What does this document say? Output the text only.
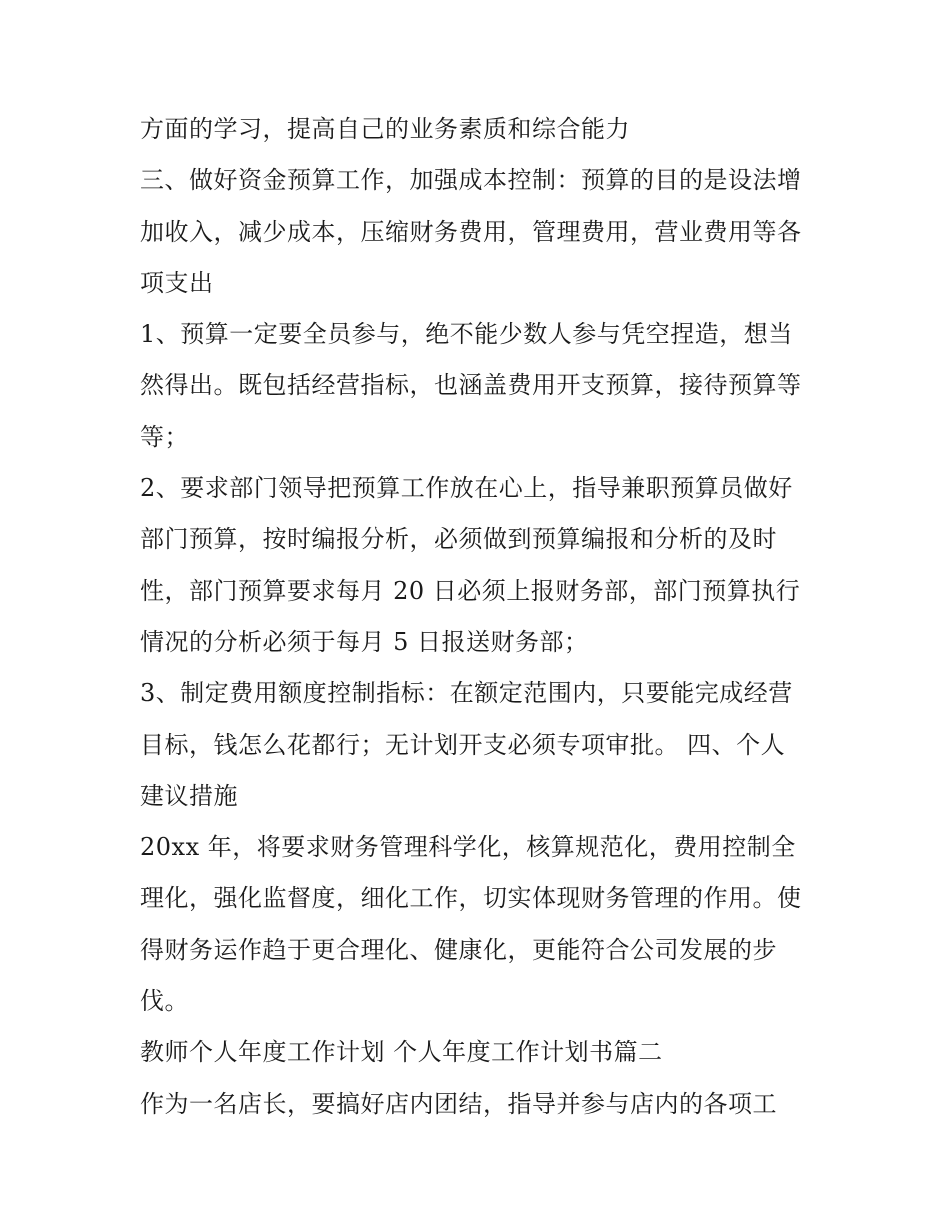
方面的学习，提高自己的业务素质和综合能力
三、做好资金预算工作，加强成本控制：预算的目的是设法增
加收入，减少成本，压缩财务费用，管理费用，营业费用等各
项支出
1、预算一定要全员参与，绝不能少数人参与凭空捏造，想当
然得出。既包括经营指标，也涵盖费用开支预算，接待预算等
等；
2、要求部门领导把预算工作放在心上，指导兼职预算员做好
部门预算，按时编报分析，必须做到预算编报和分析的及时
性，部门预算要求每月 20 日必须上报财务部，部门预算执行
情况的分析必须于每月 5 日报送财务部；
3、制定费用额度控制指标：在额定范围内，只要能完成经营
目标，钱怎么花都行；无计划开支必须专项审批。 四、个人
建议措施
20xx 年，将要求财务管理科学化，核算规范化，费用控制全
理化，强化监督度，细化工作，切实体现财务管理的作用。使
得财务运作趋于更合理化、健康化，更能符合公司发展的步
伐。
教师个人年度工作计划 个人年度工作计划书篇二
作为一名店长，要搞好店内团结，指导并参与店内的各项工
